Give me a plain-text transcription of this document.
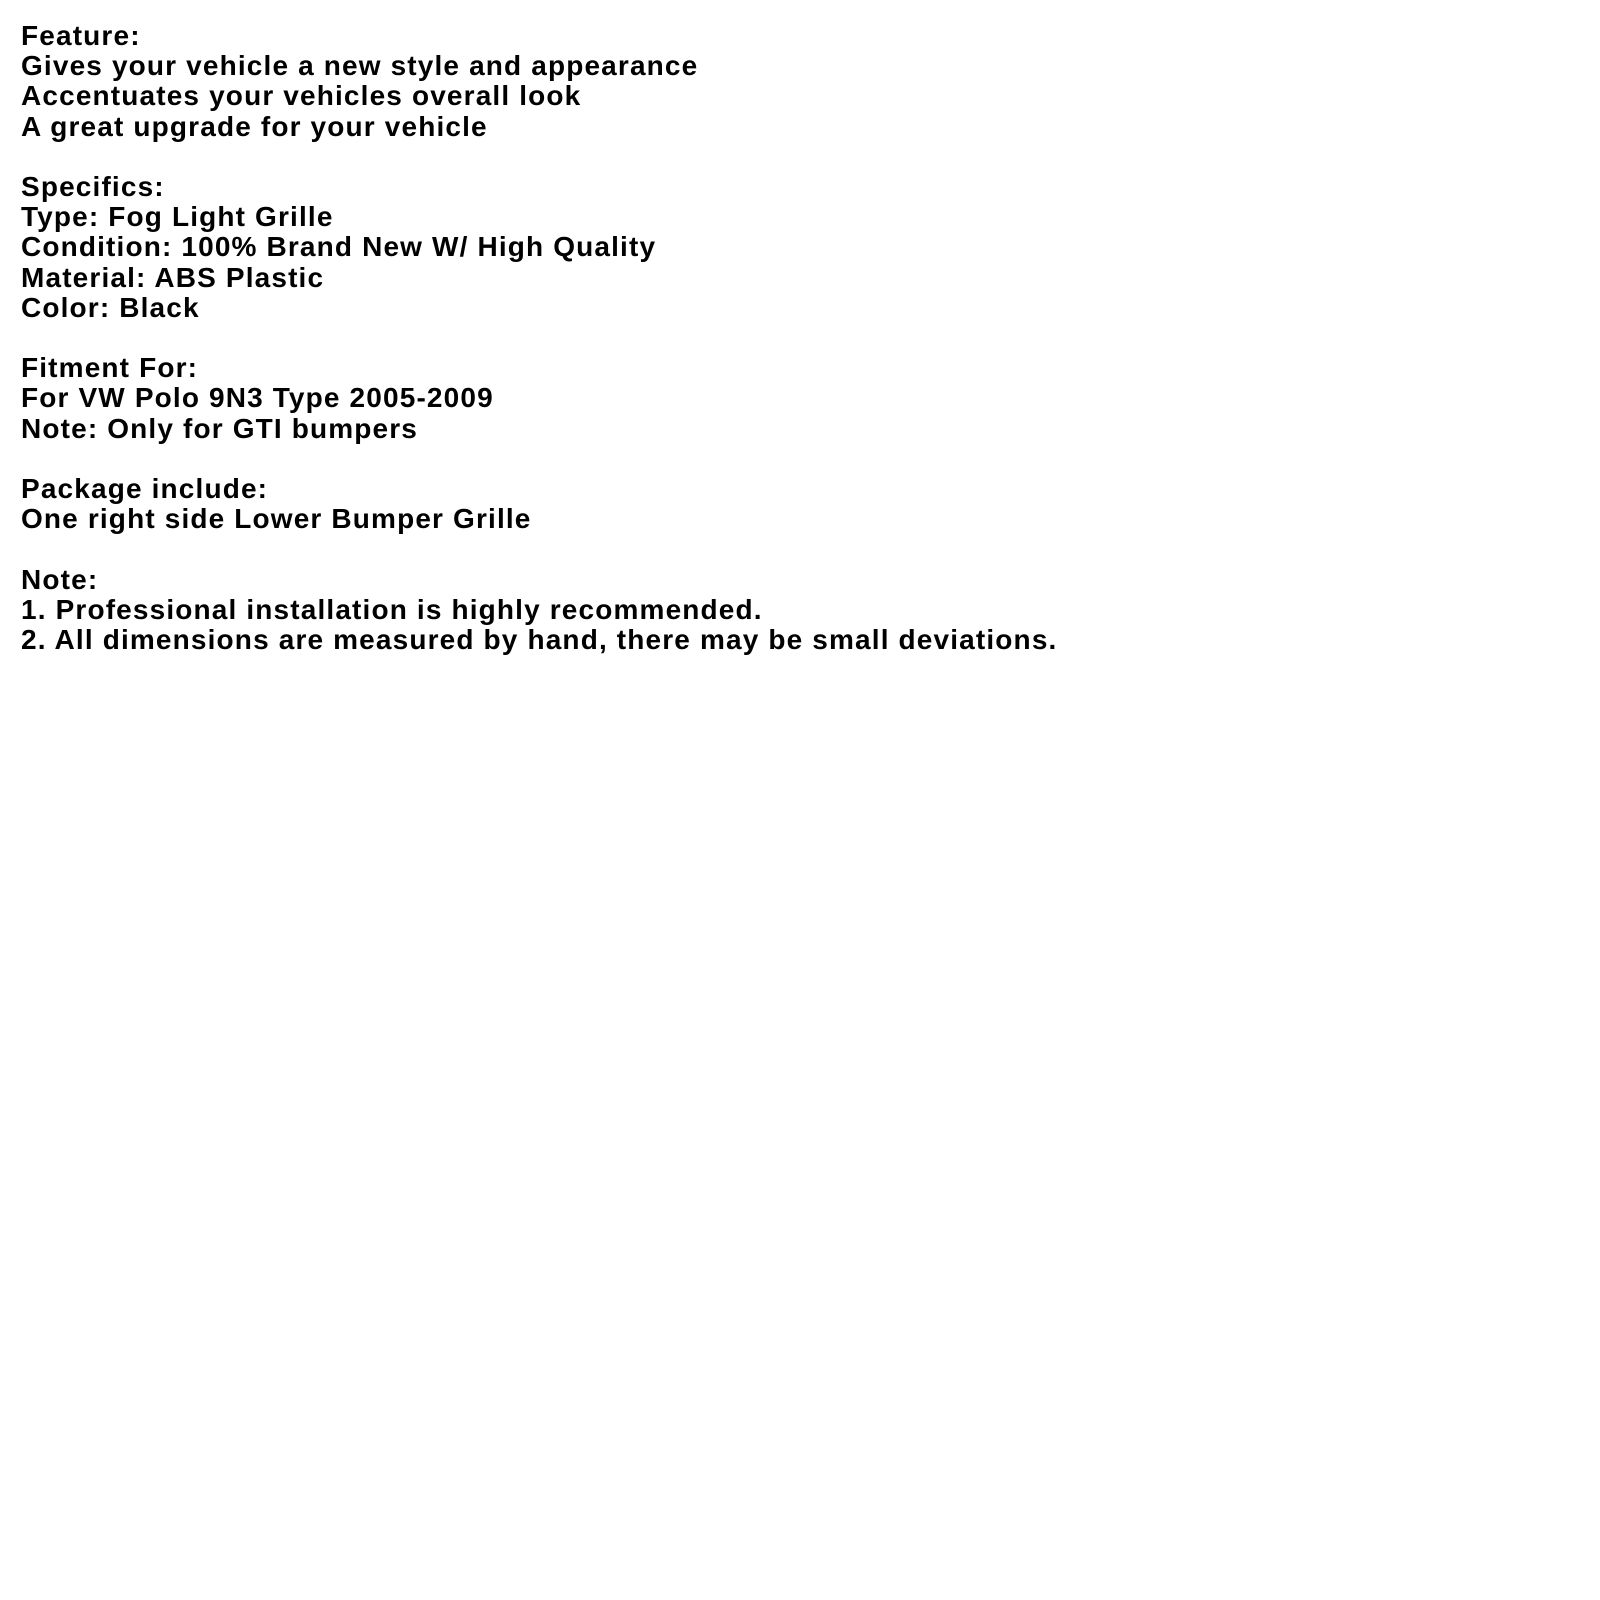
Feature:
Gives your vehicle a new style and appearance
Accentuates your vehicles overall look
A great upgrade for your vehicle
Specifics:
Type: Fog Light Grille
Condition: 100% Brand New W/ High Quality
Material: ABS Plastic
Color: Black
Fitment For:
For VW Polo 9N3 Type 2005-2009
Note: Only for GTI bumpers
Package include:
One right side Lower Bumper Grille
Note:
1. Professional installation is highly recommended.
2. All dimensions are measured by hand, there may be small deviations.
